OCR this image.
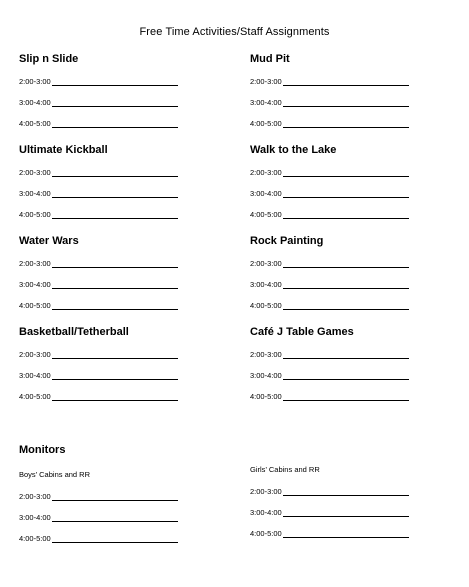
Free Time Activities/Staff Assignments
Slip n Slide
2:00-3:00
3:00-4:00
4:00-5:00
Mud Pit
2:00-3:00
3:00-4:00
4:00-5:00
Ultimate Kickball
2:00-3:00
3:00-4:00
4:00-5:00
Walk to the Lake
2:00-3:00
3:00-4:00
4:00-5:00
Water Wars
2:00-3:00
3:00-4:00
4:00-5:00
Rock Painting
2:00-3:00
3:00-4:00
4:00-5:00
Basketball/Tetherball
2:00-3:00
3:00-4:00
4:00-5:00
Café J Table Games
2:00-3:00
3:00-4:00
4:00-5:00
Monitors
Boys’ Cabins and RR
2:00-3:00
3:00-4:00
4:00-5:00
Girls’ Cabins and RR
2:00-3:00
3:00-4:00
4:00-5:00
